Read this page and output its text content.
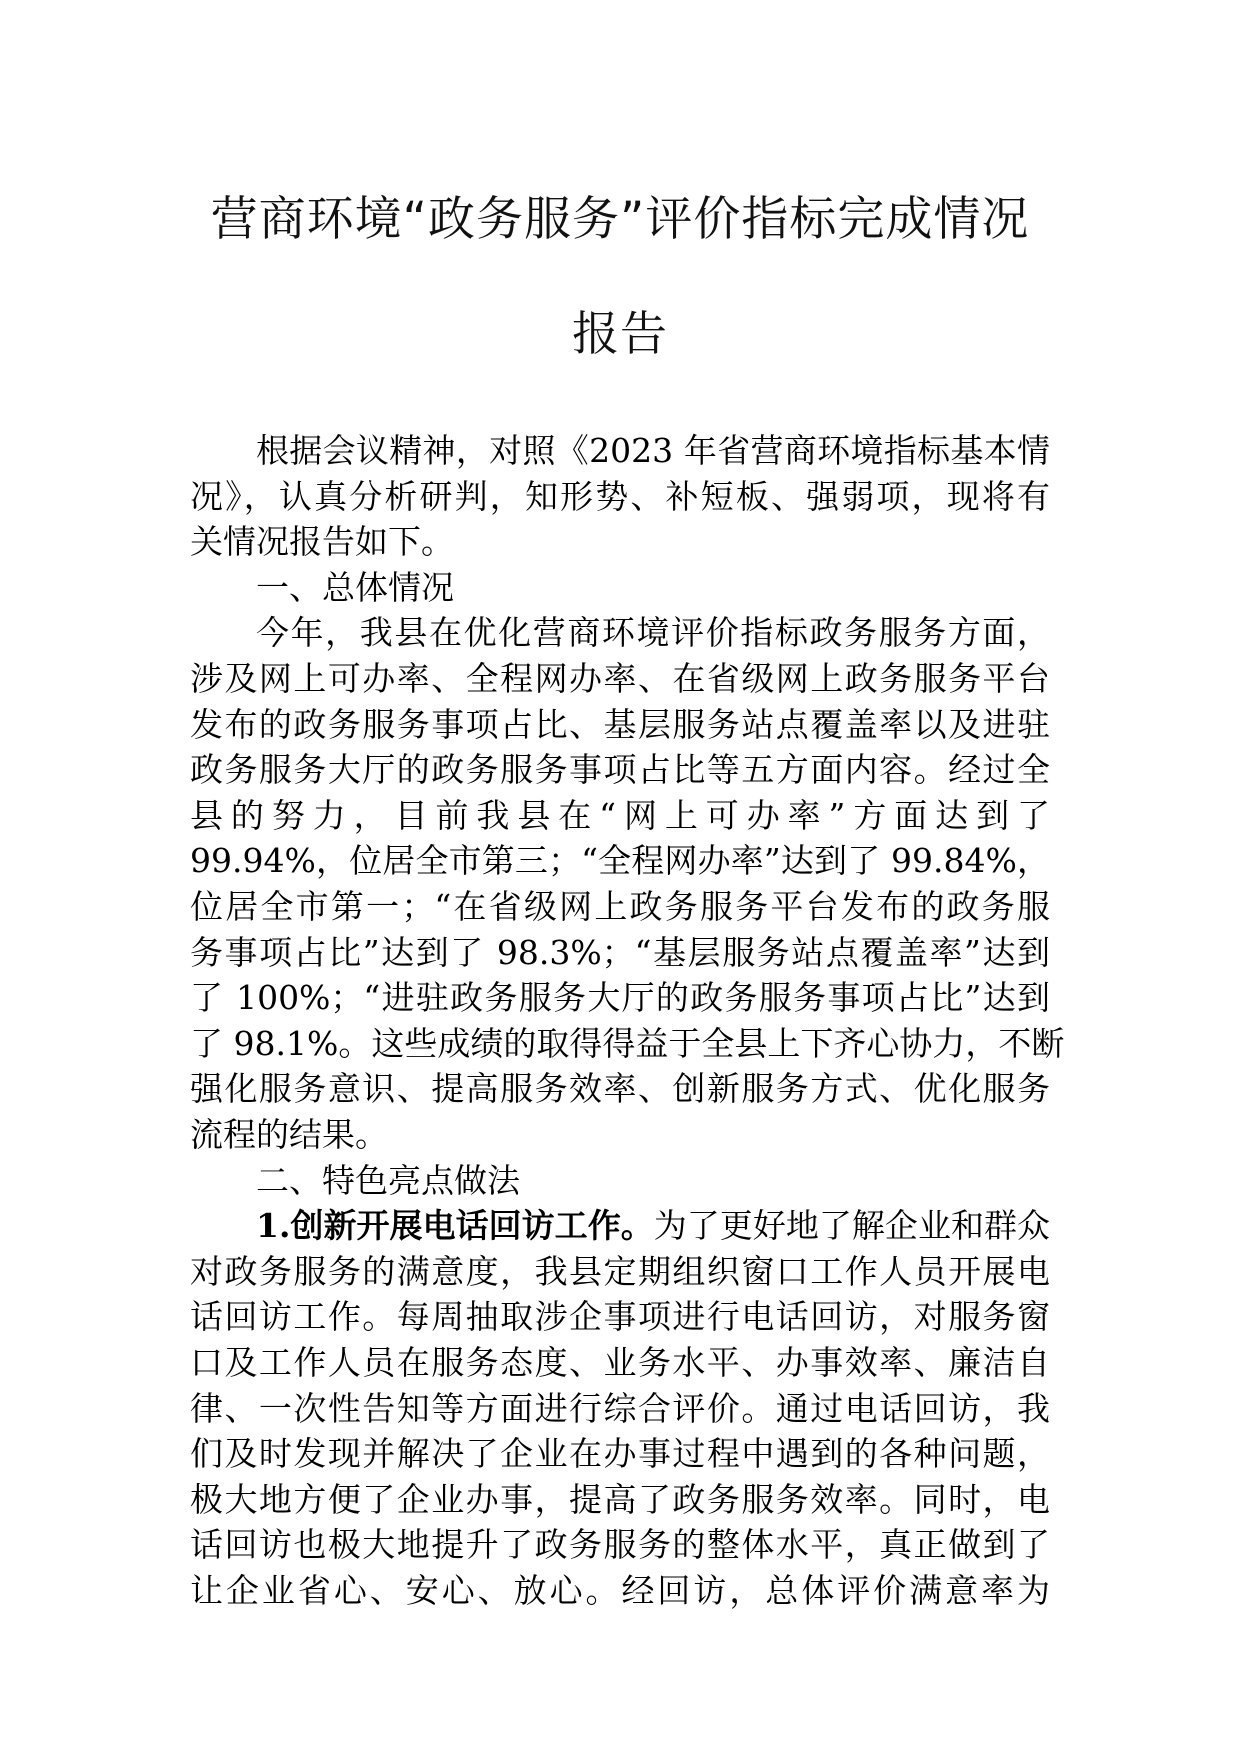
营商环境“政务服务”评价指标完成情况
报告
根据会议精神，对照《2023 年省营商环境指标基本情
况》，认真分析研判，知形势、补短板、强弱项，现将有
关情况报告如下。
一、总体情况
今年，我县在优化营商环境评价指标政务服务方面，
涉及网上可办率、全程网办率、在省级网上政务服务平台
发布的政务服务事项占比、基层服务站点覆盖率以及进驻
政务服务大厅的政务服务事项占比等五方面内容。经过全
县的努力，目前我县在“网上可办率”方面达到了
99.94%，位居全市第三；“全程网办率”达到了 99.84%，
位居全市第一；“在省级网上政务服务平台发布的政务服
务事项占比”达到了 98.3%；“基层服务站点覆盖率”达到
了 100%；“进驻政务服务大厅的政务服务事项占比”达到
了 98.1%。这些成绩的取得得益于全县上下齐心协力，不断
强化服务意识、提高服务效率、创新服务方式、优化服务
流程的结果。
二、特色亮点做法
1.创新开展电话回访工作。为了更好地了解企业和群众
对政务服务的满意度，我县定期组织窗口工作人员开展电
话回访工作。每周抽取涉企事项进行电话回访，对服务窗
口及工作人员在服务态度、业务水平、办事效率、廉洁自
律、一次性告知等方面进行综合评价。通过电话回访，我
们及时发现并解决了企业在办事过程中遇到的各种问题，
极大地方便了企业办事，提高了政务服务效率。同时，电
话回访也极大地提升了政务服务的整体水平，真正做到了
让企业省心、安心、放心。经回访，总体评价满意率为
